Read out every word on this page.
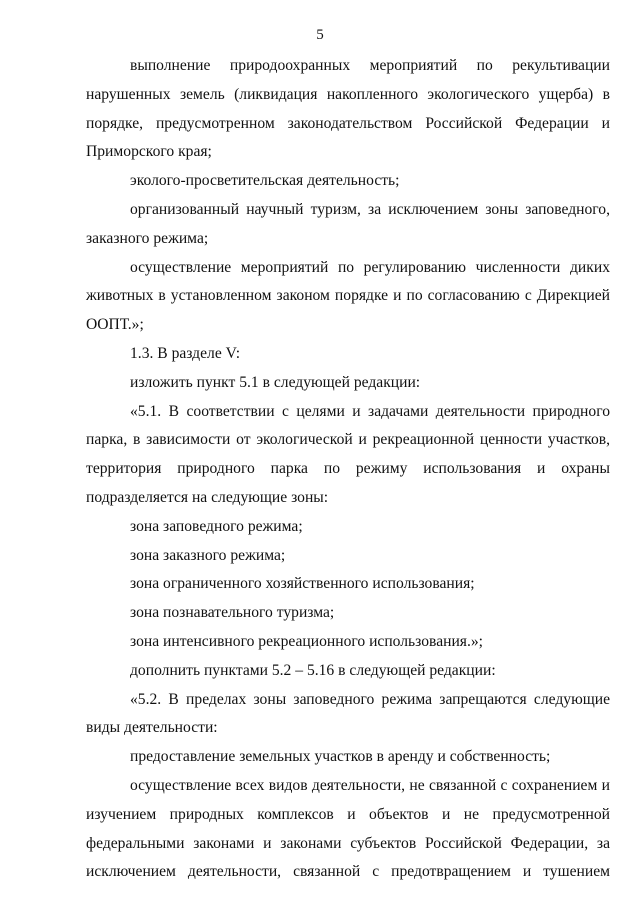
5

выполнение природоохранных мероприятий по рекультивации нарушенных земель (ликвидация накопленного экологического ущерба) в порядке, предусмотренном законодательством Российской Федерации и Приморского края;

эколого-просветительская деятельность;

организованный научный туризм, за исключением зоны заповедного, заказного режима;

осуществление мероприятий по регулированию численности диких животных в установленном законом порядке и по согласованию с Дирекцией ООПТ.»;

1.3. В разделе V:

изложить пункт 5.1 в следующей редакции:

«5.1. В соответствии с целями и задачами деятельности природного парка, в зависимости от экологической и рекреационной ценности участков, территория природного парка по режиму использования и охраны подразделяется на следующие зоны:

зона заповедного режима;

зона заказного режима;

зона ограниченного хозяйственного использования;

зона познавательного туризма;

зона интенсивного рекреационного использования.»;

дополнить пунктами 5.2 – 5.16 в следующей редакции:

«5.2. В пределах зоны заповедного режима запрещаются следующие виды деятельности:

предоставление земельных участков в аренду и собственность;

осуществление всех видов деятельности, не связанной с сохранением и изучением природных комплексов и объектов и не предусмотренной федеральными законами и законами субъектов Российской Федерации, за исключением деятельности, связанной с предотвращением и тушением
